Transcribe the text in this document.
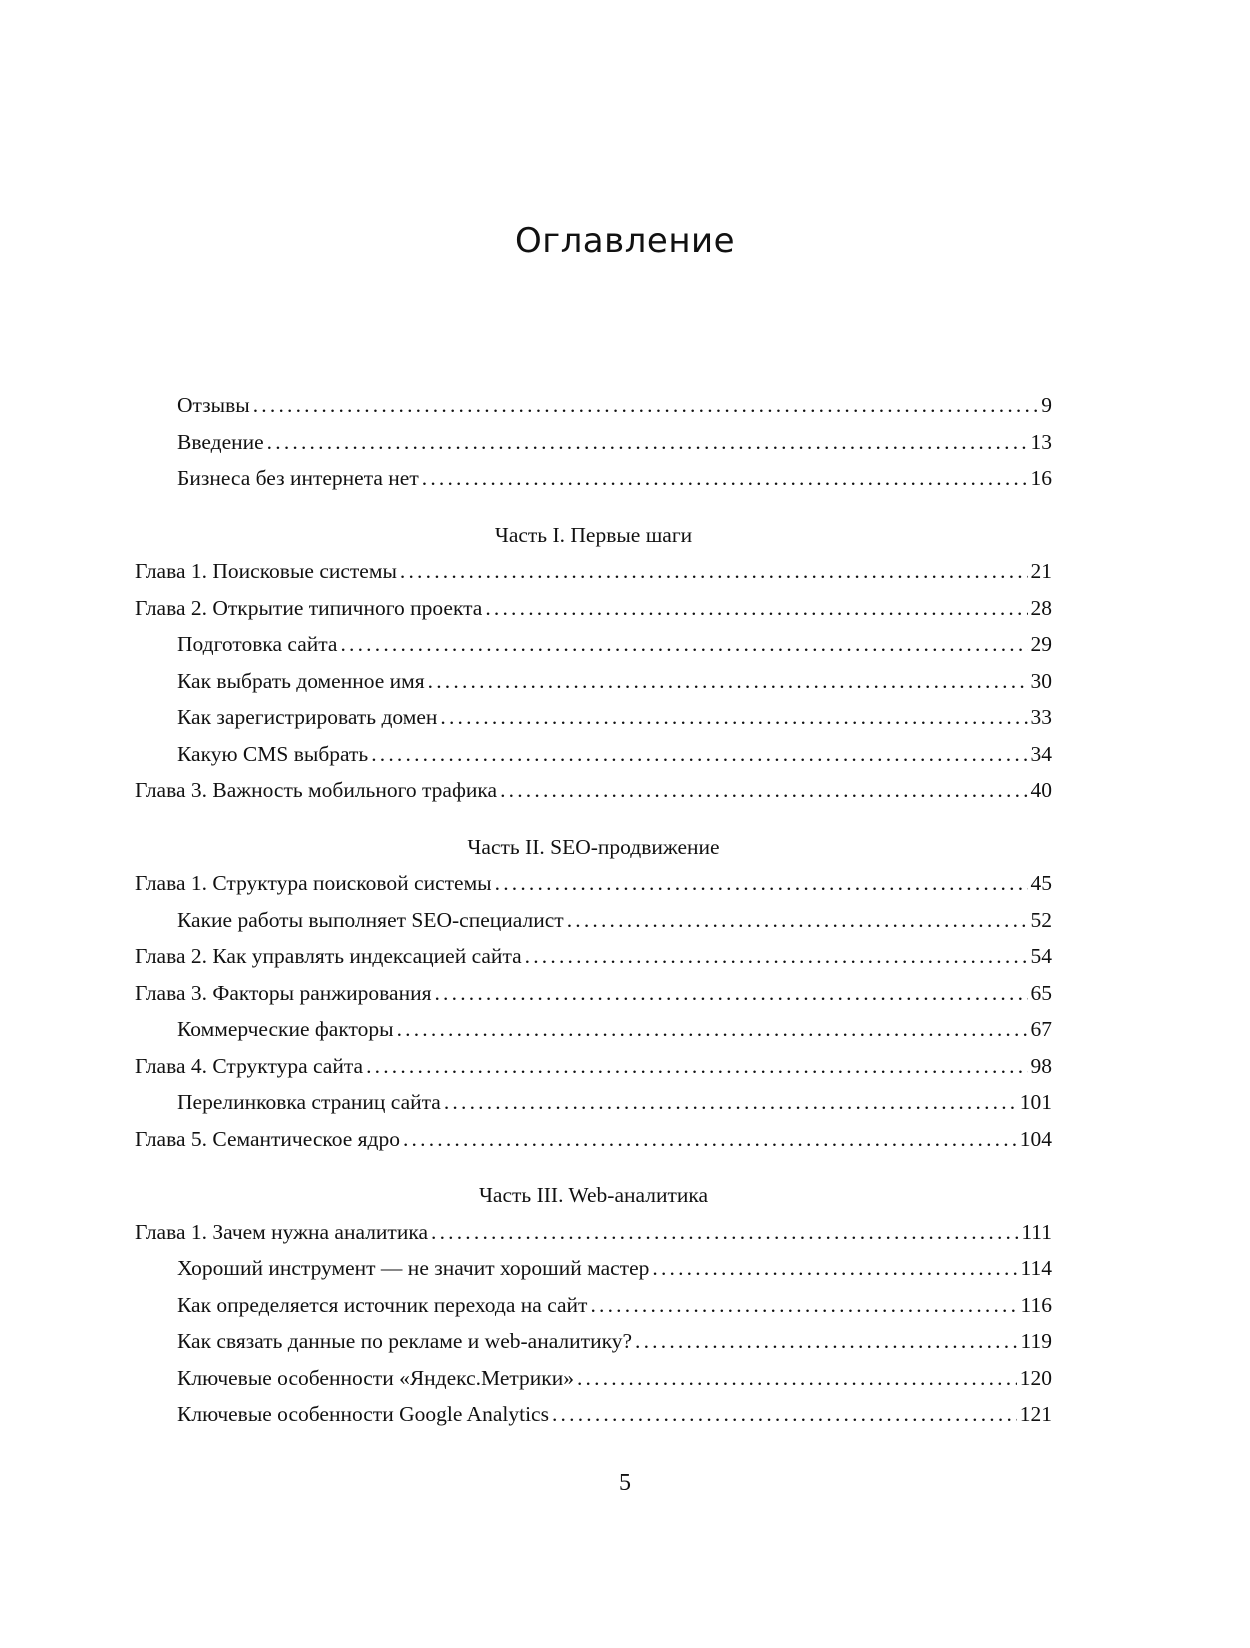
Оглавление
Отзывы .....	9
Введение .....	13
Бизнеса без интернета нет .....	16
Часть I. Первые шаги
Глава 1. Поисковые системы .....	21
Глава 2. Открытие типичного проекта .....	28
Подготовка сайта .....	29
Как выбрать доменное имя .....	30
Как зарегистрировать домен .....	33
Какую CMS выбрать .....	34
Глава 3. Важность мобильного трафика .....	40
Часть II. SEO-продвижение
Глава 1. Структура поисковой системы .....	45
Какие работы выполняет SEO-специалист .....	52
Глава 2. Как управлять индексацией сайта .....	54
Глава 3. Факторы ранжирования .....	65
Коммерческие факторы .....	67
Глава 4. Структура сайта .....	98
Перелинковка страниц сайта .....	101
Глава 5. Семантическое ядро .....	104
Часть III. Web-аналитика
Глава 1. Зачем нужна аналитика .....	111
Хороший инструмент — не значит хороший мастер .....	114
Как определяется источник перехода на сайт .....	116
Как связать данные по рекламе и web-аналитику? .....	119
Ключевые особенности «Яндекс.Метрики» .....	120
Ключевые особенности Google Analytics .....	121
5
